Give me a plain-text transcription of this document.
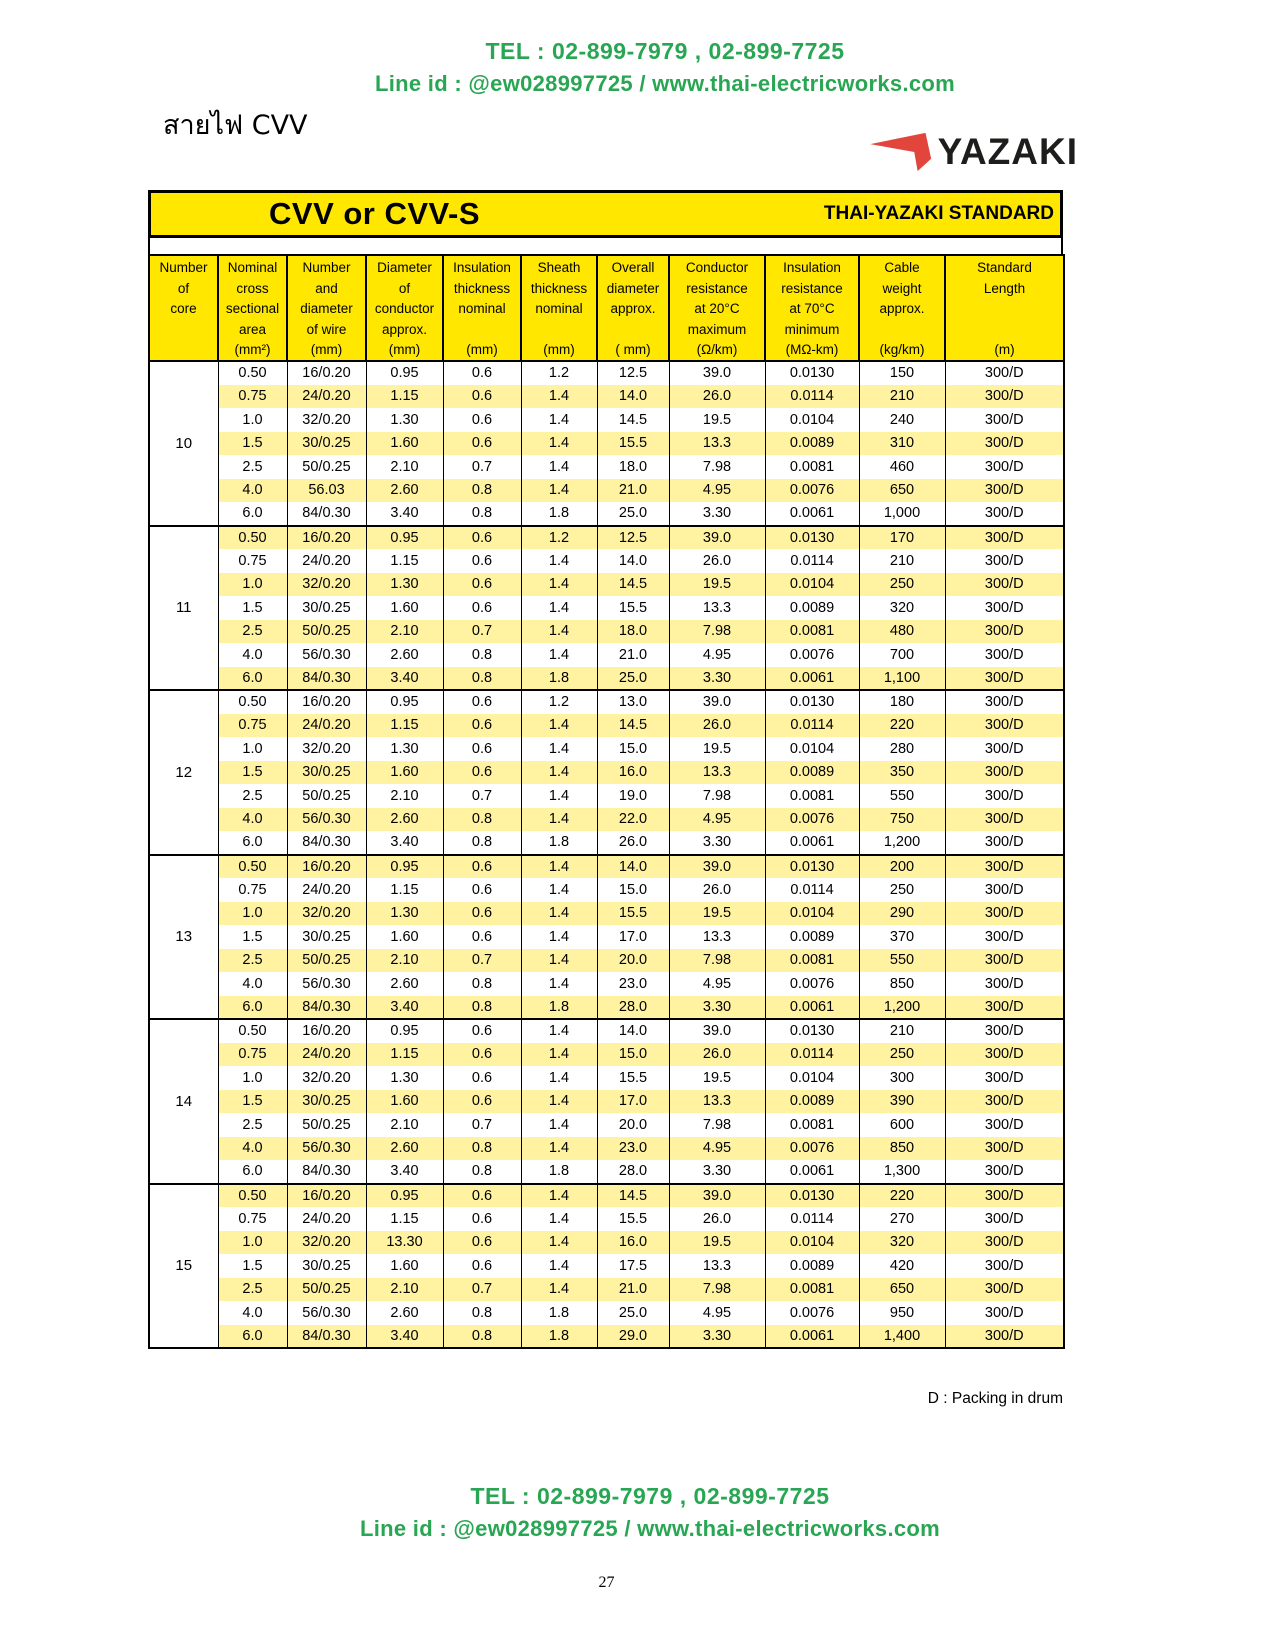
TEL : 02-899-7979 , 02-899-7725
Line id : @ew028997725 / www.thai-electricworks.com
สายไฟ CVV
YAZAKI
CVV or CVV-S	THAI-YAZAKI STANDARD
Number
of
core

Nominal
cross
sectional
area
(mm²)

Number
and
diameter
of wire
(mm)

Diameter
of
conductor
approx.
(mm)

Insulation
thickness
nominal
(mm)

Sheath
thickness
nominal
(mm)

Overall
diameter
approx.
( mm)

Conductor
resistance
at 20°C
maximum
(Ω/km)

Insulation
resistance
at 70°C
minimum
(MΩ-km)

Cable
weight
approx.
(kg/km)

Standard
Length
(m)

10	0.50	16/0.20	0.95	0.6	1.2	12.5	39.0	0.0130	150	300/D
	0.75	24/0.20	1.15	0.6	1.4	14.0	26.0	0.0114	210	300/D
	1.0	32/0.20	1.30	0.6	1.4	14.5	19.5	0.0104	240	300/D
	1.5	30/0.25	1.60	0.6	1.4	15.5	13.3	0.0089	310	300/D
	2.5	50/0.25	2.10	0.7	1.4	18.0	7.98	0.0081	460	300/D
	4.0	56.03	2.60	0.8	1.4	21.0	4.95	0.0076	650	300/D
	6.0	84/0.30	3.40	0.8	1.8	25.0	3.30	0.0061	1,000	300/D
11	0.50	16/0.20	0.95	0.6	1.2	12.5	39.0	0.0130	170	300/D
	0.75	24/0.20	1.15	0.6	1.4	14.0	26.0	0.0114	210	300/D
	1.0	32/0.20	1.30	0.6	1.4	14.5	19.5	0.0104	250	300/D
	1.5	30/0.25	1.60	0.6	1.4	15.5	13.3	0.0089	320	300/D
	2.5	50/0.25	2.10	0.7	1.4	18.0	7.98	0.0081	480	300/D
	4.0	56/0.30	2.60	0.8	1.4	21.0	4.95	0.0076	700	300/D
	6.0	84/0.30	3.40	0.8	1.8	25.0	3.30	0.0061	1,100	300/D
12	0.50	16/0.20	0.95	0.6	1.2	13.0	39.0	0.0130	180	300/D
	0.75	24/0.20	1.15	0.6	1.4	14.5	26.0	0.0114	220	300/D
	1.0	32/0.20	1.30	0.6	1.4	15.0	19.5	0.0104	280	300/D
	1.5	30/0.25	1.60	0.6	1.4	16.0	13.3	0.0089	350	300/D
	2.5	50/0.25	2.10	0.7	1.4	19.0	7.98	0.0081	550	300/D
	4.0	56/0.30	2.60	0.8	1.4	22.0	4.95	0.0076	750	300/D
	6.0	84/0.30	3.40	0.8	1.8	26.0	3.30	0.0061	1,200	300/D
13	0.50	16/0.20	0.95	0.6	1.4	14.0	39.0	0.0130	200	300/D
	0.75	24/0.20	1.15	0.6	1.4	15.0	26.0	0.0114	250	300/D
	1.0	32/0.20	1.30	0.6	1.4	15.5	19.5	0.0104	290	300/D
	1.5	30/0.25	1.60	0.6	1.4	17.0	13.3	0.0089	370	300/D
	2.5	50/0.25	2.10	0.7	1.4	20.0	7.98	0.0081	550	300/D
	4.0	56/0.30	2.60	0.8	1.4	23.0	4.95	0.0076	850	300/D
	6.0	84/0.30	3.40	0.8	1.8	28.0	3.30	0.0061	1,200	300/D
14	0.50	16/0.20	0.95	0.6	1.4	14.0	39.0	0.0130	210	300/D
	0.75	24/0.20	1.15	0.6	1.4	15.0	26.0	0.0114	250	300/D
	1.0	32/0.20	1.30	0.6	1.4	15.5	19.5	0.0104	300	300/D
	1.5	30/0.25	1.60	0.6	1.4	17.0	13.3	0.0089	390	300/D
	2.5	50/0.25	2.10	0.7	1.4	20.0	7.98	0.0081	600	300/D
	4.0	56/0.30	2.60	0.8	1.4	23.0	4.95	0.0076	850	300/D
	6.0	84/0.30	3.40	0.8	1.8	28.0	3.30	0.0061	1,300	300/D
15	0.50	16/0.20	0.95	0.6	1.4	14.5	39.0	0.0130	220	300/D
	0.75	24/0.20	1.15	0.6	1.4	15.5	26.0	0.0114	270	300/D
	1.0	32/0.20	13.30	0.6	1.4	16.0	19.5	0.0104	320	300/D
	1.5	30/0.25	1.60	0.6	1.4	17.5	13.3	0.0089	420	300/D
	2.5	50/0.25	2.10	0.7	1.4	21.0	7.98	0.0081	650	300/D
	4.0	56/0.30	2.60	0.8	1.8	25.0	4.95	0.0076	950	300/D
	6.0	84/0.30	3.40	0.8	1.8	29.0	3.30	0.0061	1,400	300/D
D : Packing in drum
TEL : 02-899-7979 , 02-899-7725
Line id : @ew028997725 / www.thai-electricworks.com
27
